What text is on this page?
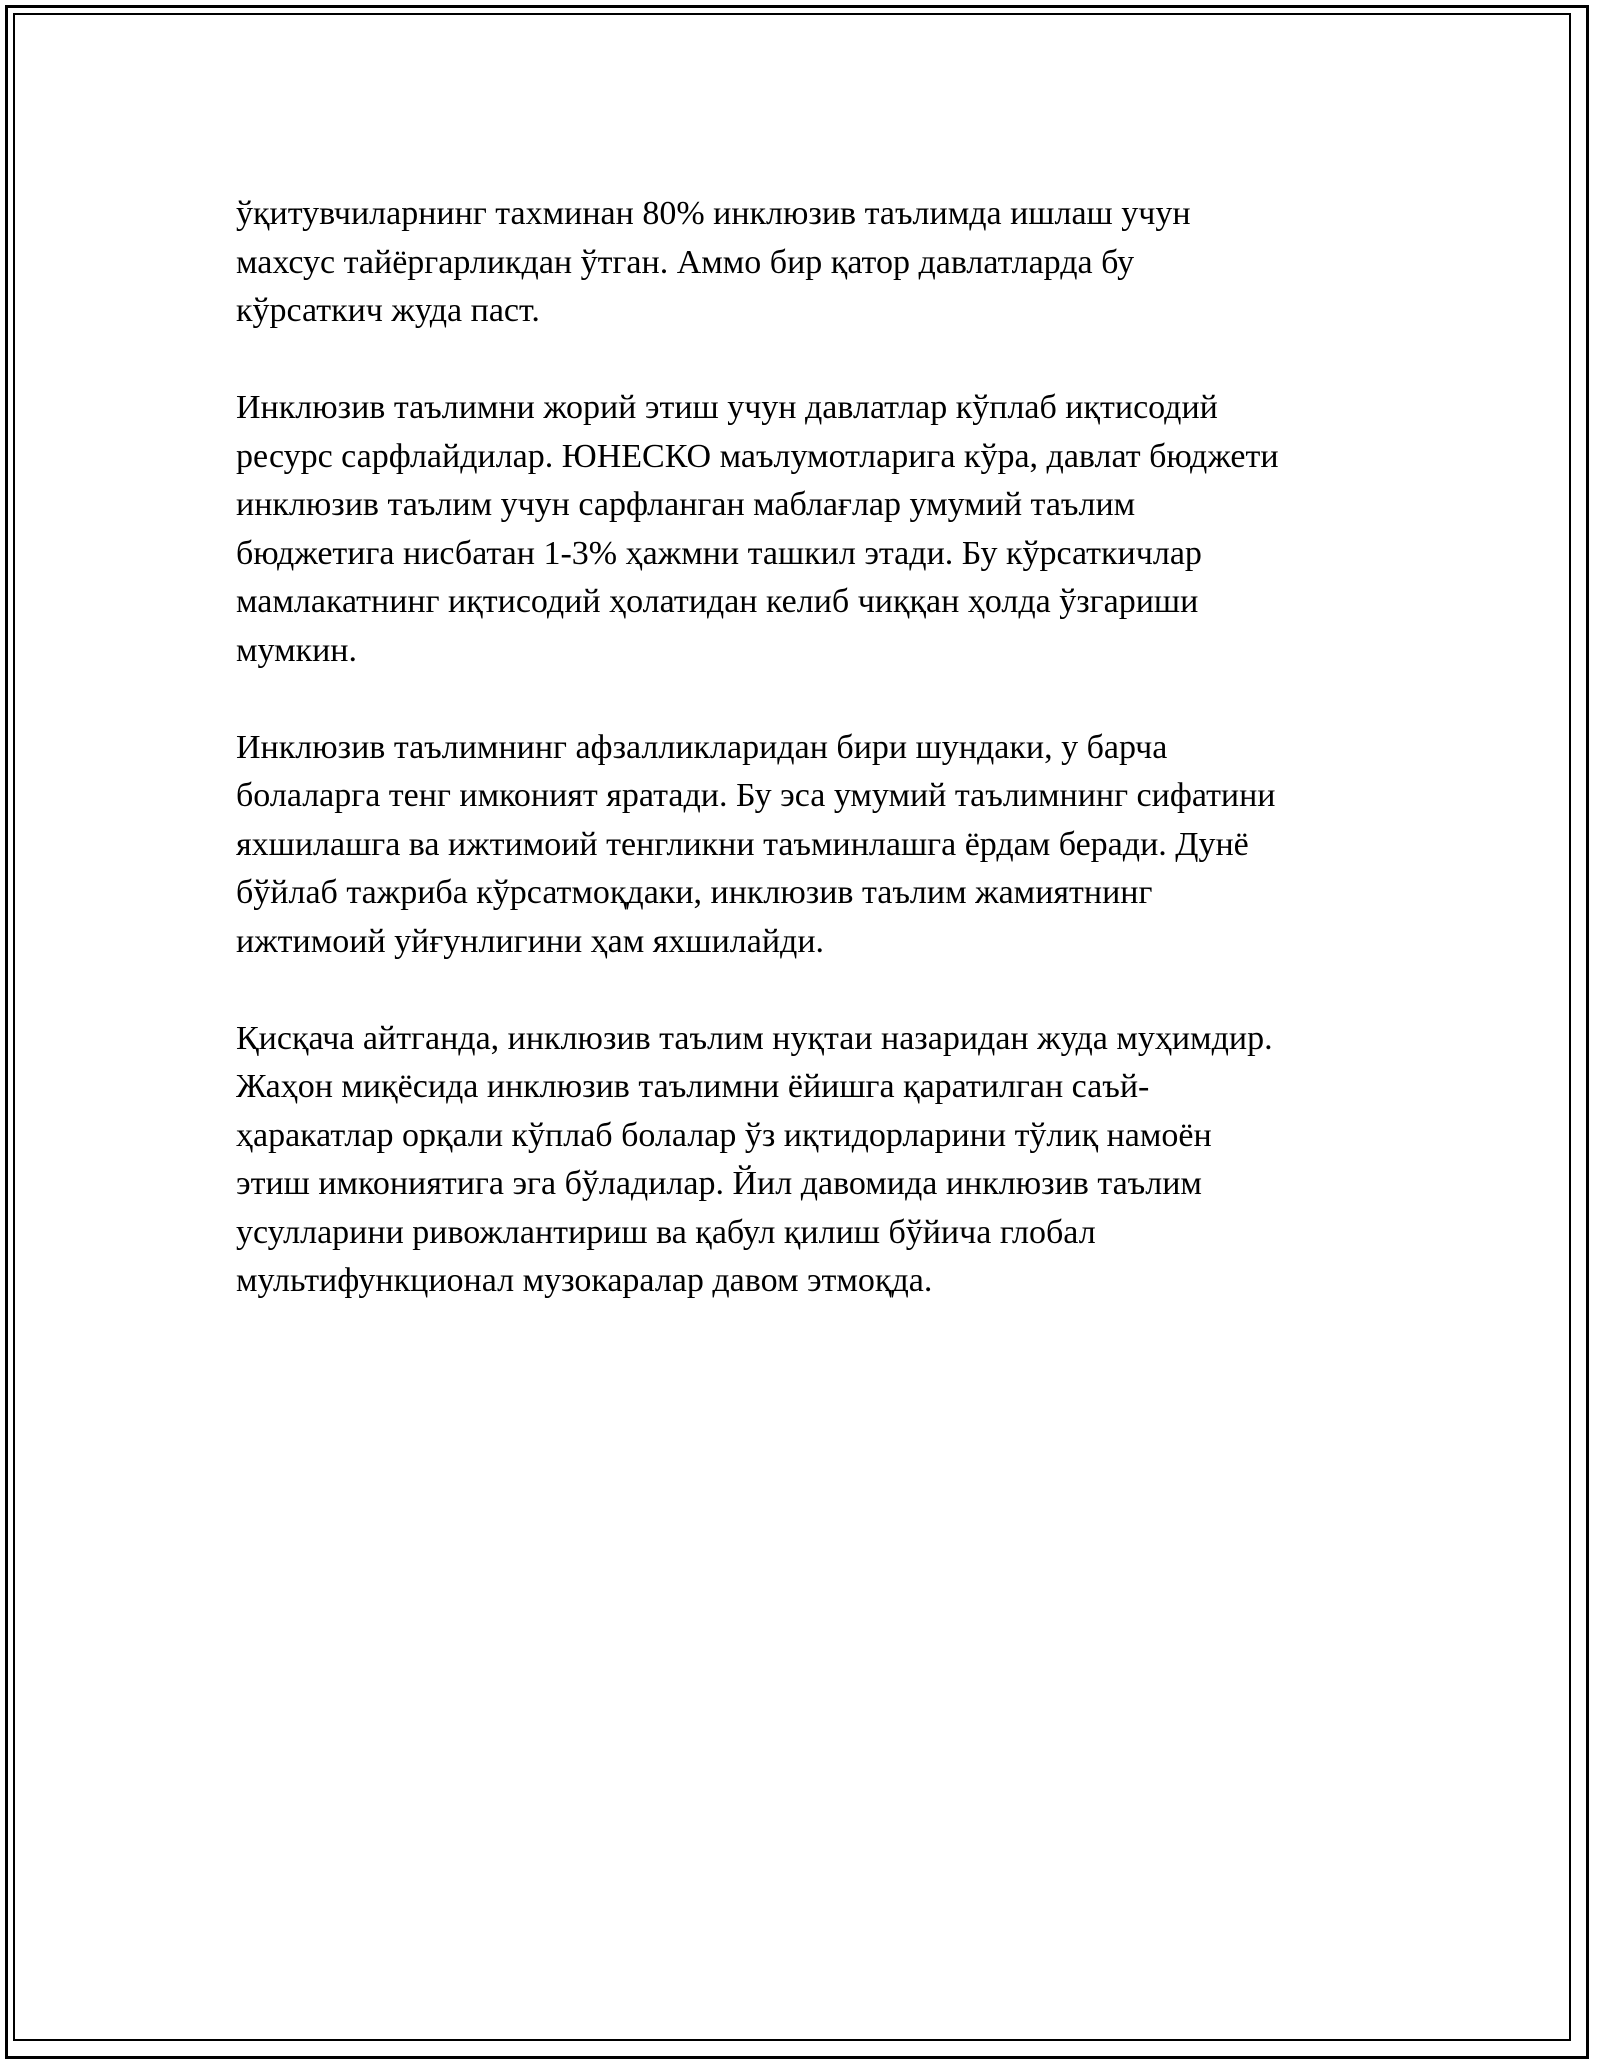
ўқитувчиларнинг тахминан 80% инклюзив таълимда ишлаш учун
махсус тайёргарликдан ўтган. Аммо бир қатор давлатларда бу
кўрсаткич жуда паст.
Инклюзив таълимни жорий этиш учун давлатлар кўплаб иқтисодий
ресурс сарфлайдилар. ЮНЕСКО маълумотларига кўра, давлат бюджети
инклюзив таълим учун сарфланган маблағлар умумий таълим
бюджетига нисбатан 1-3% ҳажмни ташкил этади. Бу кўрсаткичлар
мамлакатнинг иқтисодий ҳолатидан келиб чиққан ҳолда ўзгариши
мумкин.
Инклюзив таълимнинг афзалликларидан бири шундаки, у барча
болаларга тенг имконият яратади. Бу эса умумий таълимнинг сифатини
яхшилашга ва ижтимоий тенгликни таъминлашга ёрдам беради. Дунё
бўйлаб тажриба кўрсатмоқдаки, инклюзив таълим жамиятнинг
ижтимоий уйғунлигини ҳам яхшилайди.
Қисқача айтганда, инклюзив таълим нуқтаи назаридан жуда муҳимдир.
Жаҳон миқёсида инклюзив таълимни ёйишга қаратилган саъй-
ҳаракатлар орқали кўплаб болалар ўз иқтидорларини тўлиқ намоён
этиш имкониятига эга бўладилар. Йил давомида инклюзив таълим
усулларини ривожлантириш ва қабул қилиш бўйича глобал
мультифункционал музокаралар давом этмоқда.
